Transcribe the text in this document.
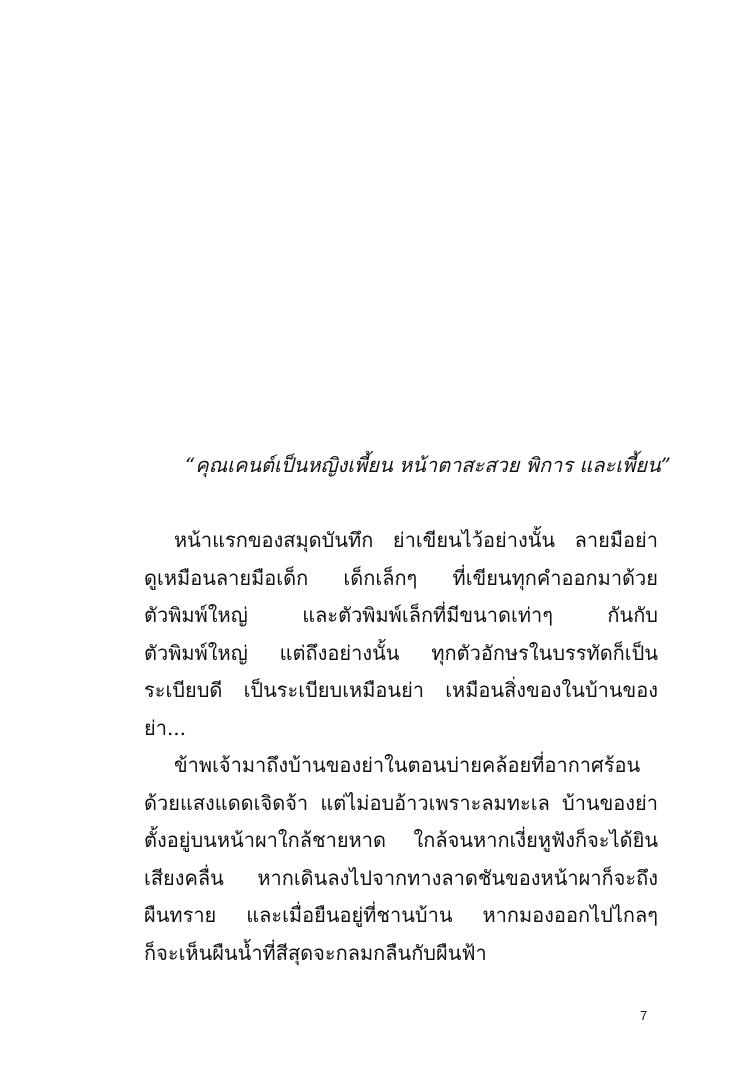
“คุณเคนต์เป็นหญิงเพี้ยน หน้าตาสะสวย พิการ และเพี้ยน”
หน้าแรกของสมุดบันทึก ย่าเขียนไว้อย่างนั้น ลายมือย่า
ดูเหมือนลายมือเด็ก เด็กเล็กๆ ที่เขียนทุกคำออกมาด้วย
ตัวพิมพ์ใหญ่ และตัวพิมพ์เล็กที่มีขนาดเท่าๆ กันกับ
ตัวพิมพ์ใหญ่ แต่ถึงอย่างนั้น ทุกตัวอักษรในบรรทัดก็เป็น
ระเบียบดี เป็นระเบียบเหมือนย่า เหมือนสิ่งของในบ้านของ
ย่า...
ข้าพเจ้ามาถึงบ้านของย่าในตอนบ่ายคล้อยที่อากาศร้อน
ด้วยแสงแดดเจิดจ้า แต่ไม่อบอ้าวเพราะลมทะเล บ้านของย่า
ตั้งอยู่บนหน้าผาใกล้ชายหาด ใกล้จนหากเงี่ยหูฟังก็จะได้ยิน
เสียงคลื่น หากเดินลงไปจากทางลาดชันของหน้าผาก็จะถึง
ผืนทราย และเมื่อยืนอยู่ที่ชานบ้าน หากมองออกไปไกลๆ
ก็จะเห็นผืนน้ำที่สีสุดจะกลมกลืนกับผืนฟ้า
7
